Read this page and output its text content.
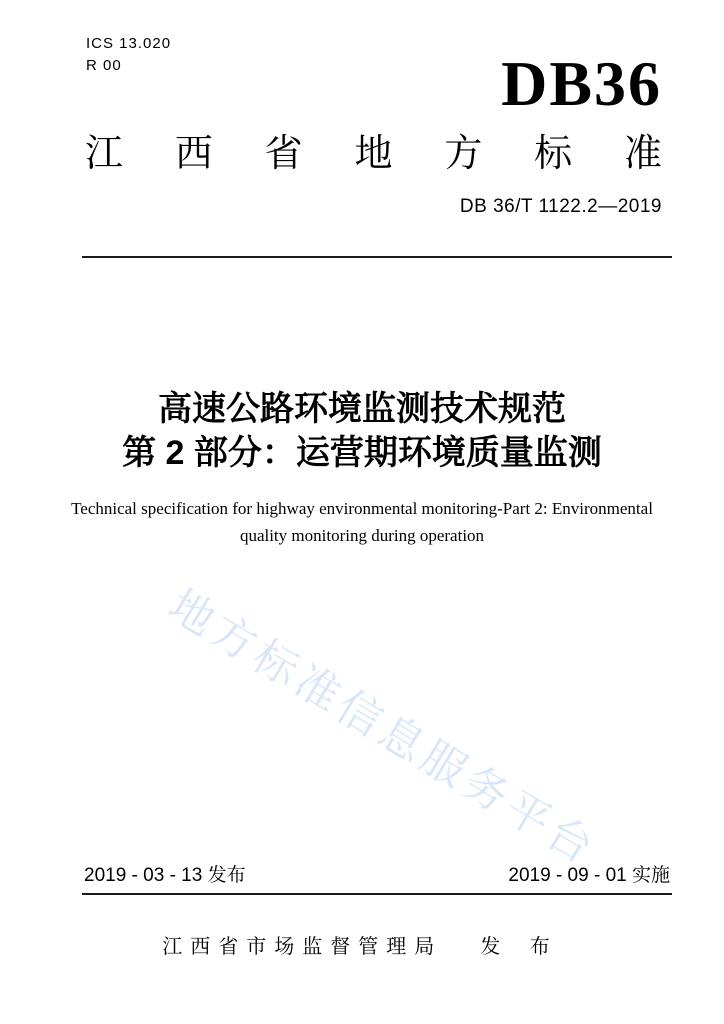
ICS 13.020
R 00	DB36
江 西 省 地 方 标 准
DB 36/T 1122.2—2019
高速公路环境监测技术规范
第 2 部分：运营期环境质量监测
Technical specification for highway environmental monitoring-Part 2: Environmental
quality monitoring during operation
地方标准信息服务平台
2019 - 03 - 13 发布	2019 - 09 - 01 实施
江西省市场监督管理局 发 布
